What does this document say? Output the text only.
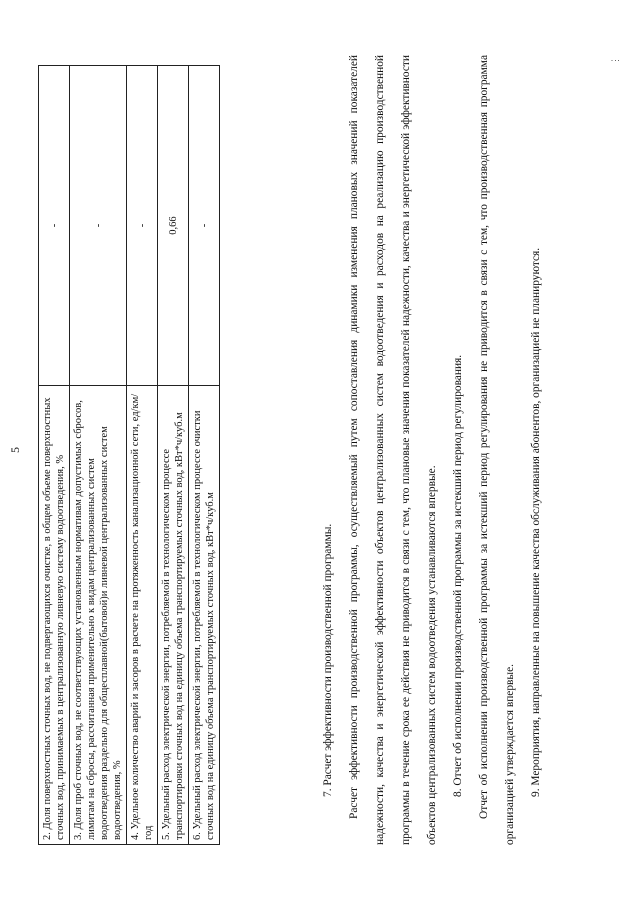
5 2. Доля поверхностных сточных вод, не подвергающихся очистке, в общем объеме поверхностных сточных вод, принимаемых в централизованную ливневую систему водоотведения, %	-
3. Доля проб сточных вод, не соответствующих установленным нормативам допустимых сбросов, лимитам на сбросы, рассчитанная применительно к видам централизованных систем водоотведения раздельно для общесплавной(бытовой)и ливневой централизованных систем водоотведения, %	-
4. Удельное количество аварий и засоров в расчете на протяженность канализационной сети, ед/км/год	-
5. Удельный расход электрической энергии, потребляемой в технологическом процессе транспортировки сточных вод на единицу объема транспортируемых сточных вод, кВт*ч/куб.м	0,66
6. Удельный расход электрической энергии, потребляемой в технологическом процессе очистки сточных вод на единицу объема транспортируемых сточных вод, кВт*ч/куб.м	-
7. Расчет эффективности производственной программы.	Расчет эффективности производственной программы, осуществляемый путем сопоставления динамики изменения плановых значений показателей надежности, качества и энергетической эффективности объектов централизованных систем водоотведения и расходов на реализацию производственной программы в течение срока ее действия не приводится в связи с тем, что плановые значения показателей надежности, качества и энергетической эффективности объектов централизованных систем водоотведения устанавливаются впервые.	8. Отчет об исполнении производственной программы за истекший период регулирования.	Отчет об исполнении производственной программы за истекший период регулирования не приводится в связи с тем, что производственная программа организацией утверждается впервые.	9. Мероприятия, направленные на повышение качества обслуживания абонентов, организацией не планируются.
⋮
